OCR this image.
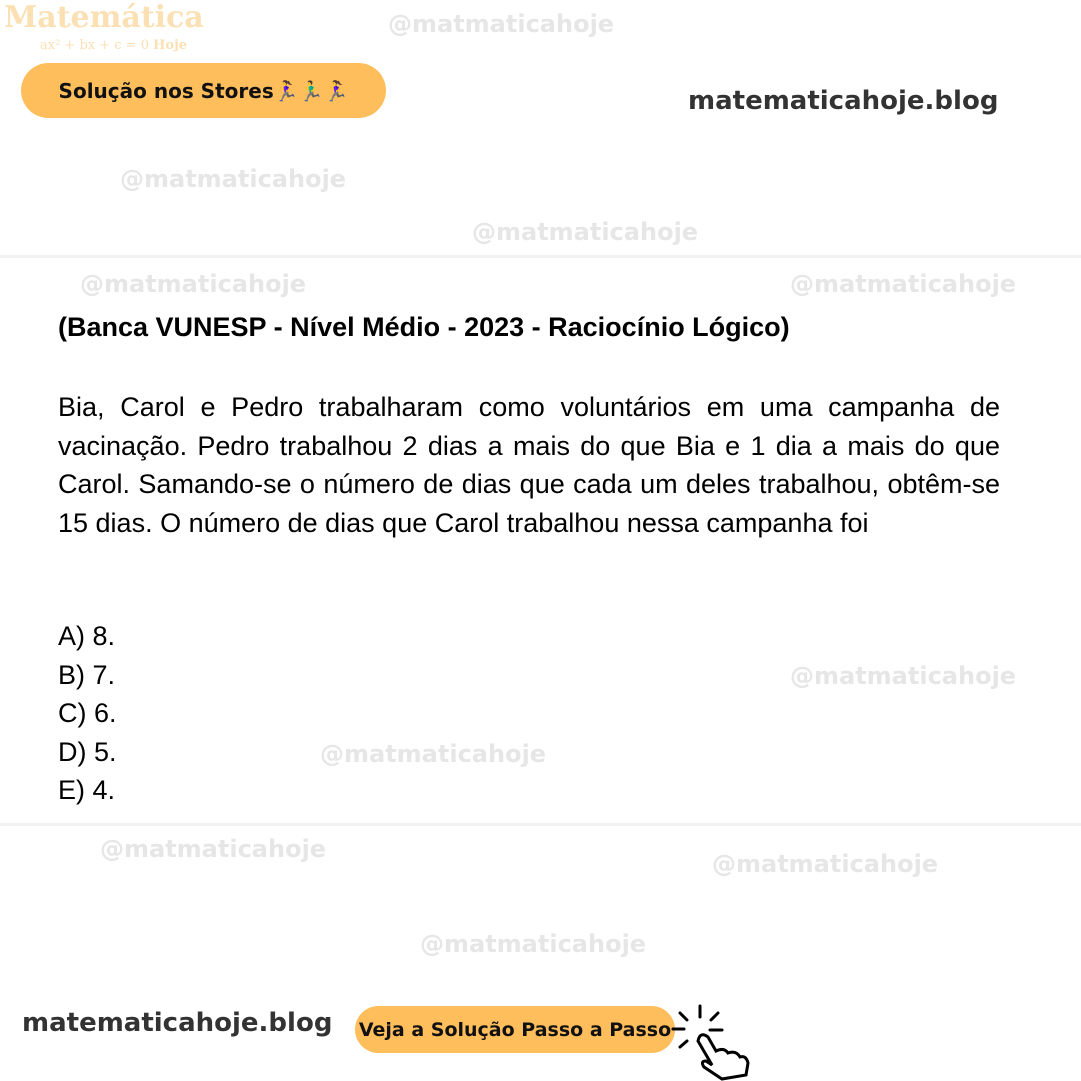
Matemática
ax² + bx + c = 0 Hoje
@matmaticahoje
@matmaticahoje
@matmaticahoje
@matmaticahoje	@matmaticahoje
@matmaticahoje
@matmaticahoje
@matmaticahoje
@matmaticahoje
@matmaticahoje
Solução nos Stores🏃‍♀️🏃‍♂️🏃‍♀️	matematicahoje.blog
(Banca VUNESP - Nível Médio - 2023 - Raciocínio Lógico)
Bia, Carol e Pedro trabalharam como voluntários em uma campanha de vacinação. Pedro trabalhou 2 dias a mais do que Bia e 1 dia a mais do que Carol. Samando-se o número de dias que cada um deles trabalhou, obtêm-se 15 dias. O número de dias que Carol trabalhou nessa campanha foi
A) 8.
B) 7.
C) 6.
D) 5.
E) 4.
matematicahoje.blog Veja a Solução Passo a Passo
